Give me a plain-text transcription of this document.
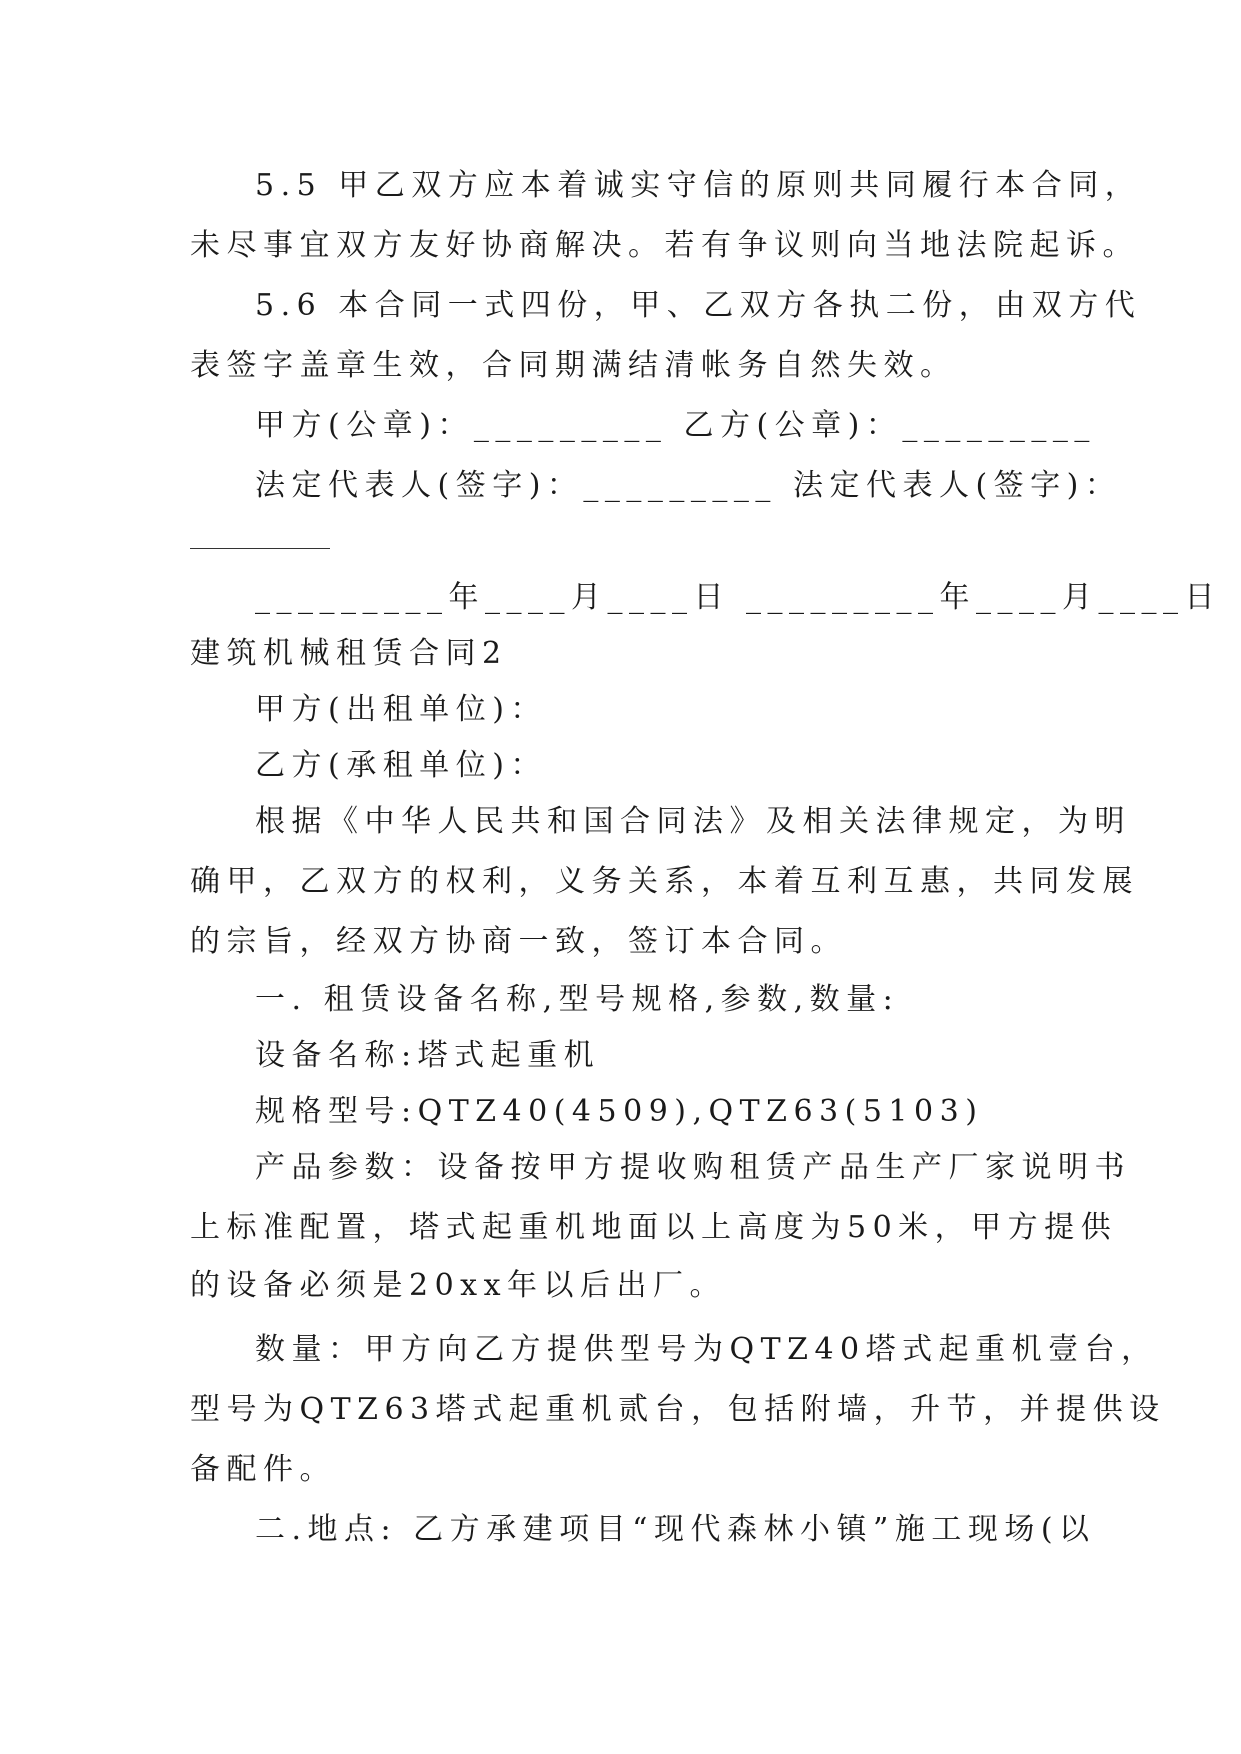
5.5 甲乙双方应本着诚实守信的原则共同履行本合同，
未尽事宜双方友好协商解决。若有争议则向当地法院起诉。
5.6 本合同一式四份，甲、乙双方各执二份，由双方代
表签字盖章生效，合同期满结清帐务自然失效。
甲方(公章)：_________ 乙方(公章)：_________
法定代表人(签字)：_________ 法定代表人(签字)：
_________年____月____日 _________年____月____日
建筑机械租赁合同2
甲方(出租单位)：
乙方(承租单位)：
根据《中华人民共和国合同法》及相关法律规定，为明
确甲，乙双方的权利，义务关系，本着互利互惠，共同发展
的宗旨，经双方协商一致，签订本合同。
一. 租赁设备名称,型号规格,参数,数量:
设备名称:塔式起重机
规格型号:QTZ40(4509),QTZ63(5103)
产品参数：设备按甲方提收购租赁产品生产厂家说明书
上标准配置，塔式起重机地面以上高度为50米，甲方提供
的设备必须是20xx年以后出厂。
数量：甲方向乙方提供型号为QTZ40塔式起重机壹台，
型号为QTZ63塔式起重机贰台，包括附墙，升节，并提供设
备配件。
二.地点: 乙方承建项目“现代森林小镇”施工现场(以
